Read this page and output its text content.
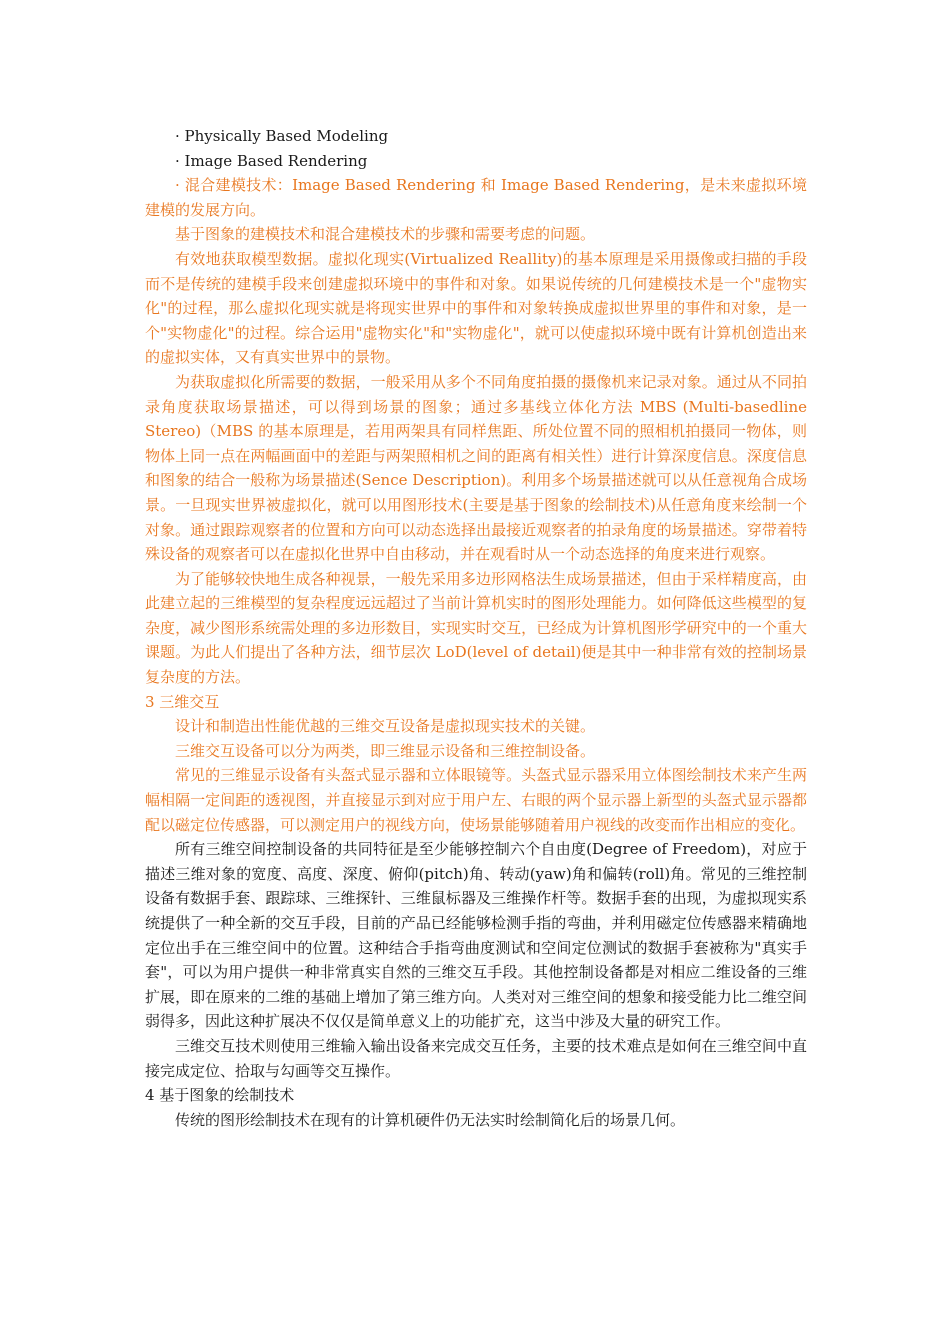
· Physically Based Modeling

· Image Based Rendering

· 混合建模技术：Image Based Rendering 和 Image Based Rendering，是未来虚拟环境建模的发展方向。

基于图象的建模技术和混合建模技术的步骤和需要考虑的问题。

有效地获取模型数据。虚拟化现实(Virtualized Reallity)的基本原理是采用摄像或扫描的手段而不是传统的建模手段来创建虚拟环境中的事件和对象。如果说传统的几何建模技术是一个"虚物实化"的过程，那么虚拟化现实就是将现实世界中的事件和对象转换成虚拟世界里的事件和对象，是一个"实物虚化"的过程。综合运用"虚物实化"和"实物虚化"，就可以使虚拟环境中既有计算机创造出来的虚拟实体，又有真实世界中的景物。

为获取虚拟化所需要的数据，一般采用从多个不同角度拍摄的摄像机来记录对象。通过从不同拍录角度获取场景描述，可以得到场景的图象；通过多基线立体化方法 MBS (Multi-basedline Stereo)（MBS 的基本原理是，若用两架具有同样焦距、所处位置不同的照相机拍摄同一物体，则物体上同一点在两幅画面中的差距与两架照相机之间的距离有相关性）进行计算深度信息。深度信息和图象的结合一般称为场景描述(Sence Description)。利用多个场景描述就可以从任意视角合成场景。一旦现实世界被虚拟化，就可以用图形技术(主要是基于图象的绘制技术)从任意角度来绘制一个对象。通过跟踪观察者的位置和方向可以动态选择出最接近观察者的拍录角度的场景描述。穿带着特殊设备的观察者可以在虚拟化世界中自由移动，并在观看时从一个动态选择的角度来进行观察。

为了能够较快地生成各种视景，一般先采用多边形网格法生成场景描述，但由于采样精度高，由此建立起的三维模型的复杂程度远远超过了当前计算机实时的图形处理能力。如何降低这些模型的复杂度，减少图形系统需处理的多边形数目，实现实时交互，已经成为计算机图形学研究中的一个重大课题。为此人们提出了各种方法，细节层次 LoD(level of detail)便是其中一种非常有效的控制场景复杂度的方法。

3 三维交互

设计和制造出性能优越的三维交互设备是虚拟现实技术的关键。

三维交互设备可以分为两类，即三维显示设备和三维控制设备。

常见的三维显示设备有头盔式显示器和立体眼镜等。头盔式显示器采用立体图绘制技术来产生两幅相隔一定间距的透视图，并直接显示到对应于用户左、右眼的两个显示器上新型的头盔式显示器都配以磁定位传感器，可以测定用户的视线方向，使场景能够随着用户视线的改变而作出相应的变化。

所有三维空间控制设备的共同特征是至少能够控制六个自由度(Degree of Freedom)，对应于描述三维对象的宽度、高度、深度、俯仰(pitch)角、转动(yaw)角和偏转(roll)角。常见的三维控制设备有数据手套、跟踪球、三维探针、三维鼠标器及三维操作杆等。数据手套的出现，为虚拟现实系统提供了一种全新的交互手段，目前的产品已经能够检测手指的弯曲，并利用磁定位传感器来精确地定位出手在三维空间中的位置。这种结合手指弯曲度测试和空间定位测试的数据手套被称为"真实手套"，可以为用户提供一种非常真实自然的三维交互手段。其他控制设备都是对相应二维设备的三维扩展，即在原来的二维的基础上增加了第三维方向。人类对对三维空间的想象和接受能力比二维空间弱得多，因此这种扩展决不仅仅是简单意义上的功能扩充，这当中涉及大量的研究工作。

三维交互技术则使用三维输入输出设备来完成交互任务，主要的技术难点是如何在三维空间中直接完成定位、拾取与勾画等交互操作。

4 基于图象的绘制技术

传统的图形绘制技术在现有的计算机硬件仍无法实时绘制简化后的场景几何。
